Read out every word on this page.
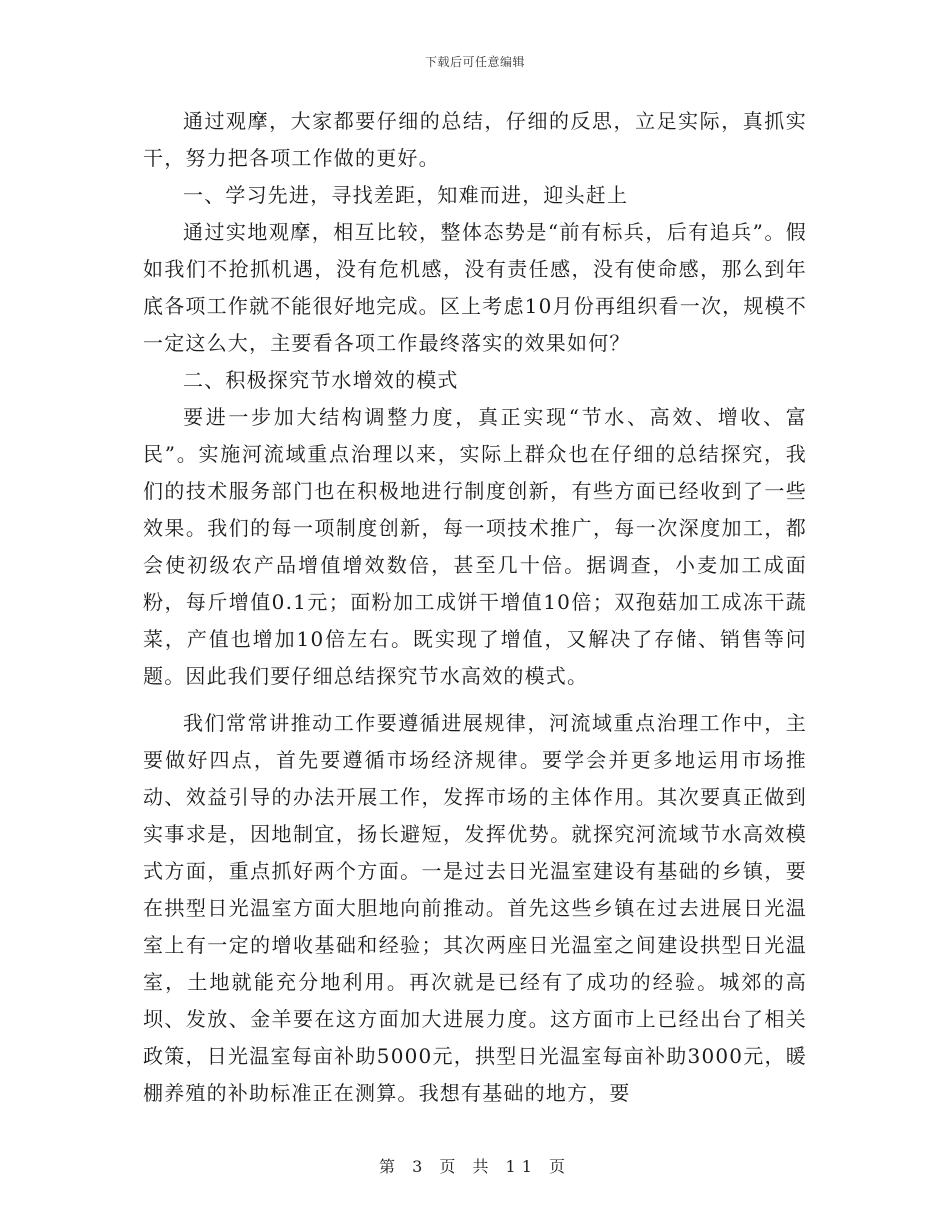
下载后可任意编辑

通过观摩，大家都要仔细的总结，仔细的反思，立足实际，真抓实干，努力把各项工作做的更好。

一、学习先进，寻找差距，知难而进，迎头赶上

通过实地观摩，相互比较，整体态势是“前有标兵，后有追兵”。假如我们不抢抓机遇，没有危机感，没有责任感，没有使命感，那么到年底各项工作就不能很好地完成。区上考虑10月份再组织看一次，规模不一定这么大，主要看各项工作最终落实的效果如何？

二、积极探究节水增效的模式

要进一步加大结构调整力度，真正实现“节水、高效、增收、富民”。实施河流域重点治理以来，实际上群众也在仔细的总结探究，我们的技术服务部门也在积极地进行制度创新，有些方面已经收到了一些效果。我们的每一项制度创新，每一项技术推广，每一次深度加工，都会使初级农产品增值增效数倍，甚至几十倍。据调查，小麦加工成面粉，每斤增值0.1元；面粉加工成饼干增值10倍；双孢菇加工成冻干蔬菜，产值也增加10倍左右。既实现了增值，又解决了存储、销售等问题。因此我们要仔细总结探究节水高效的模式。

我们常常讲推动工作要遵循进展规律，河流域重点治理工作中，主要做好四点，首先要遵循市场经济规律。要学会并更多地运用市场推动、效益引导的办法开展工作，发挥市场的主体作用。其次要真正做到实事求是，因地制宜，扬长避短，发挥优势。就探究河流域节水高效模式方面，重点抓好两个方面。一是过去日光温室建设有基础的乡镇，要在拱型日光温室方面大胆地向前推动。首先这些乡镇在过去进展日光温室上有一定的增收基础和经验；其次两座日光温室之间建设拱型日光温室，土地就能充分地利用。再次就是已经有了成功的经验。城郊的高坝、发放、金羊要在这方面加大进展力度。这方面市上已经出台了相关政策，日光温室每亩补助5000元，拱型日光温室每亩补助3000元，暖棚养殖的补助标准正在测算。我想有基础的地方，要

第 3 页 共 11 页
